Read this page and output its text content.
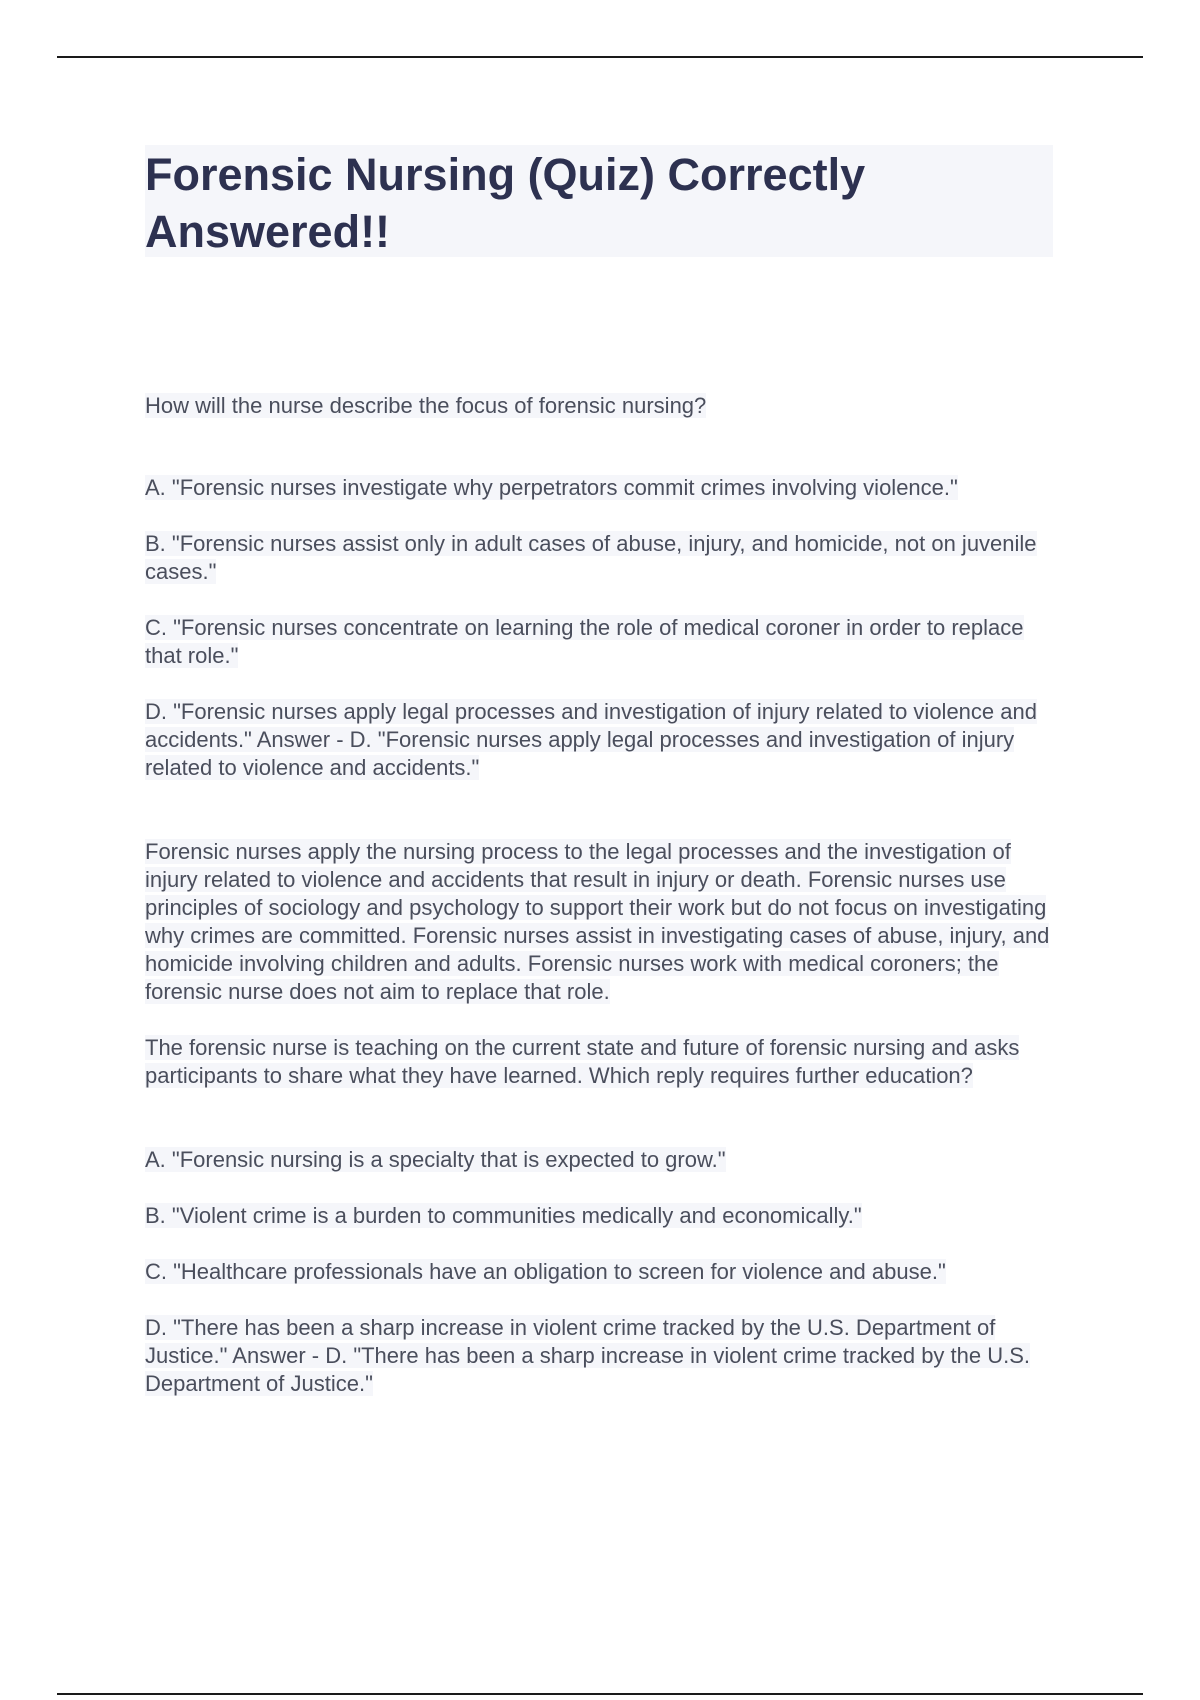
Forensic Nursing (Quiz) Correctly Answered!!

How will the nurse describe the focus of forensic nursing?

A. "Forensic nurses investigate why perpetrators commit crimes involving violence."

B. "Forensic nurses assist only in adult cases of abuse, injury, and homicide, not on juvenile cases."

C. "Forensic nurses concentrate on learning the role of medical coroner in order to replace that role."

D. "Forensic nurses apply legal processes and investigation of injury related to violence and accidents." Answer - D. "Forensic nurses apply legal processes and investigation of injury related to violence and accidents."

Forensic nurses apply the nursing process to the legal processes and the investigation of injury related to violence and accidents that result in injury or death. Forensic nurses use principles of sociology and psychology to support their work but do not focus on investigating why crimes are committed. Forensic nurses assist in investigating cases of abuse, injury, and homicide involving children and adults. Forensic nurses work with medical coroners; the forensic nurse does not aim to replace that role.

The forensic nurse is teaching on the current state and future of forensic nursing and asks participants to share what they have learned. Which reply requires further education?

A. "Forensic nursing is a specialty that is expected to grow."

B. "Violent crime is a burden to communities medically and economically."

C. "Healthcare professionals have an obligation to screen for violence and abuse."

D. "There has been a sharp increase in violent crime tracked by the U.S. Department of Justice." Answer - D. "There has been a sharp increase in violent crime tracked by the U.S. Department of Justice."
